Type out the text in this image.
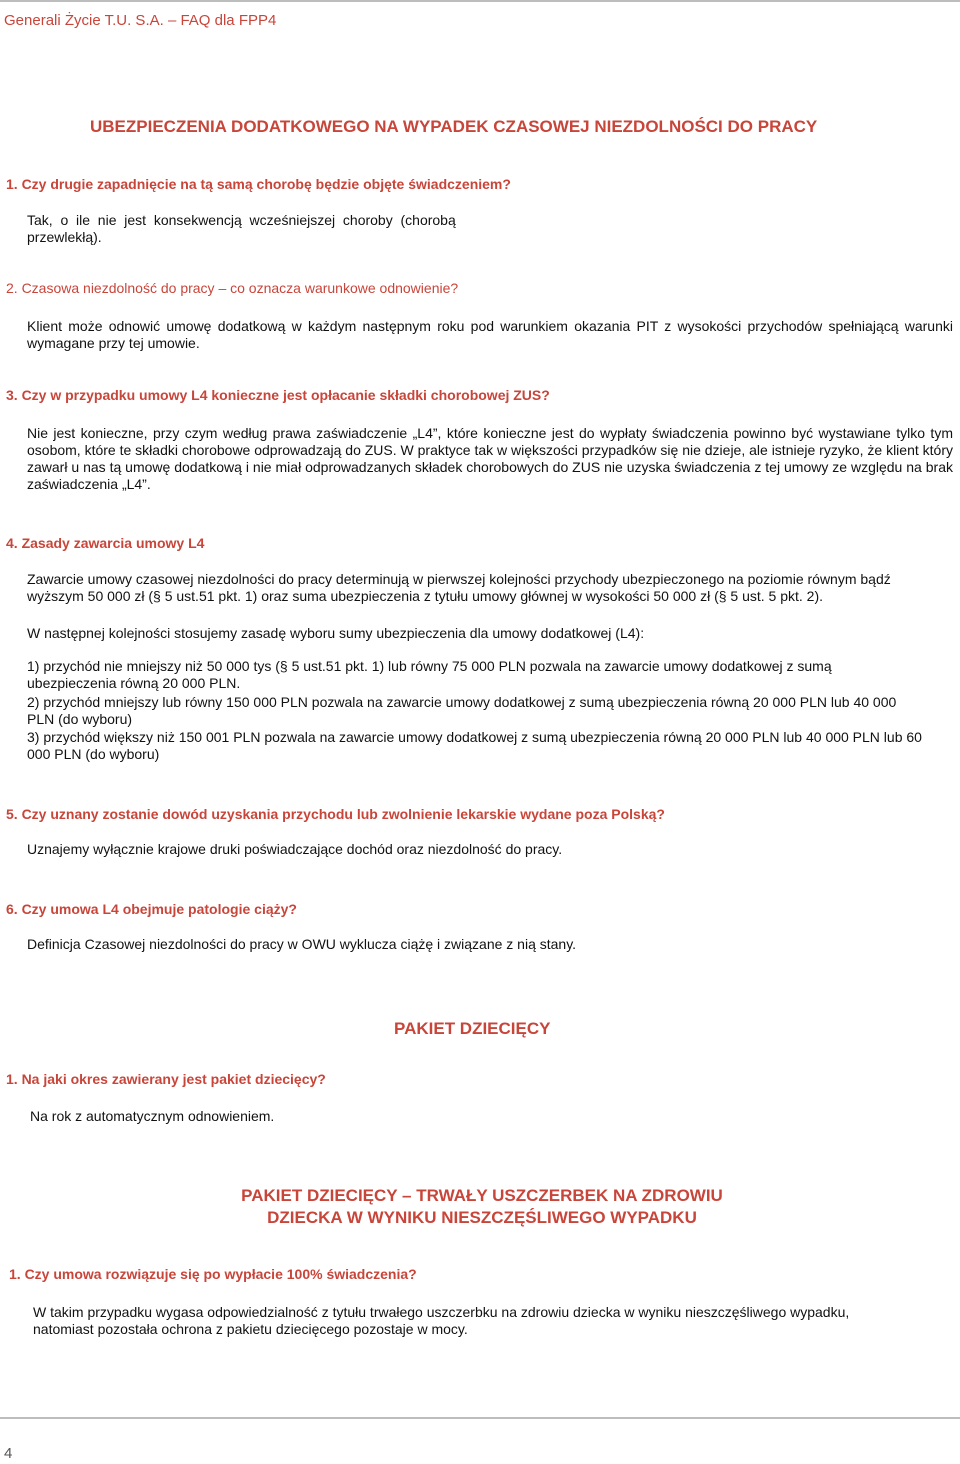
Generali Życie T.U. S.A. – FAQ dla FPP4
UBEZPIECZENIA DODATKOWEGO NA WYPADEK CZASOWEJ NIEZDOLNOŚCI DO PRACY
1. Czy drugie zapadnięcie na tą samą chorobę będzie objęte świadczeniem?
Tak,  o  ile  nie  jest  konsekwencją  wcześniejszej  choroby  (chorobą
przewlekłą).
2. Czasowa niezdolność do pracy – co oznacza warunkowe odnowienie?
Klient może odnowić umowę dodatkową w każdym następnym roku pod warunkiem okazania PIT z wysokości przychodów spełniającą warunki wymagane przy tej umowie.
3. Czy w przypadku umowy L4 konieczne jest opłacanie składki chorobowej ZUS?
Nie jest konieczne, przy czym według prawa zaświadczenie „L4”, które konieczne jest do wypłaty świadczenia powinno być wystawiane tylko tym osobom, które te składki chorobowe odprowadzają do ZUS. W praktyce tak w większości przypadków się nie dzieje, ale istnieje ryzyko, że klient który zawarł u nas tą umowę dodatkową i nie miał odprowadzanych składek chorobowych do ZUS nie uzyska świadczenia z tej umowy ze względu na brak zaświadczenia „L4”.
4. Zasady zawarcia umowy L4
Zawarcie umowy czasowej niezdolności do pracy determinują w pierwszej kolejności przychody ubezpieczonego na poziomie równym bądź wyższym 50 000 zł (§ 5 ust.51 pkt. 1) oraz suma ubezpieczenia z tytułu umowy głównej w wysokości 50 000 zł (§ 5 ust. 5 pkt. 2).
W następnej kolejności stosujemy zasadę wyboru sumy ubezpieczenia dla umowy dodatkowej (L4):
1) przychód nie mniejszy niż 50 000 tys (§ 5 ust.51 pkt. 1) lub równy 75 000 PLN pozwala na zawarcie umowy dodatkowej z sumą ubezpieczenia równą 20 000 PLN.
2) przychód mniejszy lub równy 150 000 PLN pozwala na zawarcie umowy dodatkowej z sumą ubezpieczenia równą 20 000 PLN lub 40 000 PLN (do wyboru)
3) przychód większy niż 150 001 PLN pozwala na zawarcie umowy dodatkowej z sumą ubezpieczenia równą 20 000 PLN lub 40 000 PLN lub 60 000 PLN (do wyboru)
5. Czy uznany zostanie dowód uzyskania przychodu lub zwolnienie lekarskie wydane poza Polską?
Uznajemy wyłącznie krajowe druki poświadczające dochód oraz niezdolność do pracy.
6. Czy umowa L4 obejmuje patologie ciąży?
Definicja Czasowej niezdolności do pracy w OWU wyklucza ciążę i związane z nią stany.
PAKIET DZIECIĘCY
1. Na jaki okres zawierany jest pakiet dziecięcy?
Na rok z automatycznym odnowieniem.
PAKIET DZIECIĘCY – TRWAŁY USZCZERBEK NA ZDROWIU
DZIECKA W WYNIKU NIESZCZĘŚLIWEGO WYPADKU
1. Czy umowa rozwiązuje się po wypłacie 100% świadczenia?
W takim przypadku wygasa odpowiedzialność z tytułu trwałego uszczerbku na zdrowiu dziecka w wyniku nieszczęśliwego wypadku, natomiast pozostała ochrona z pakietu dziecięcego pozostaje w mocy.
4
